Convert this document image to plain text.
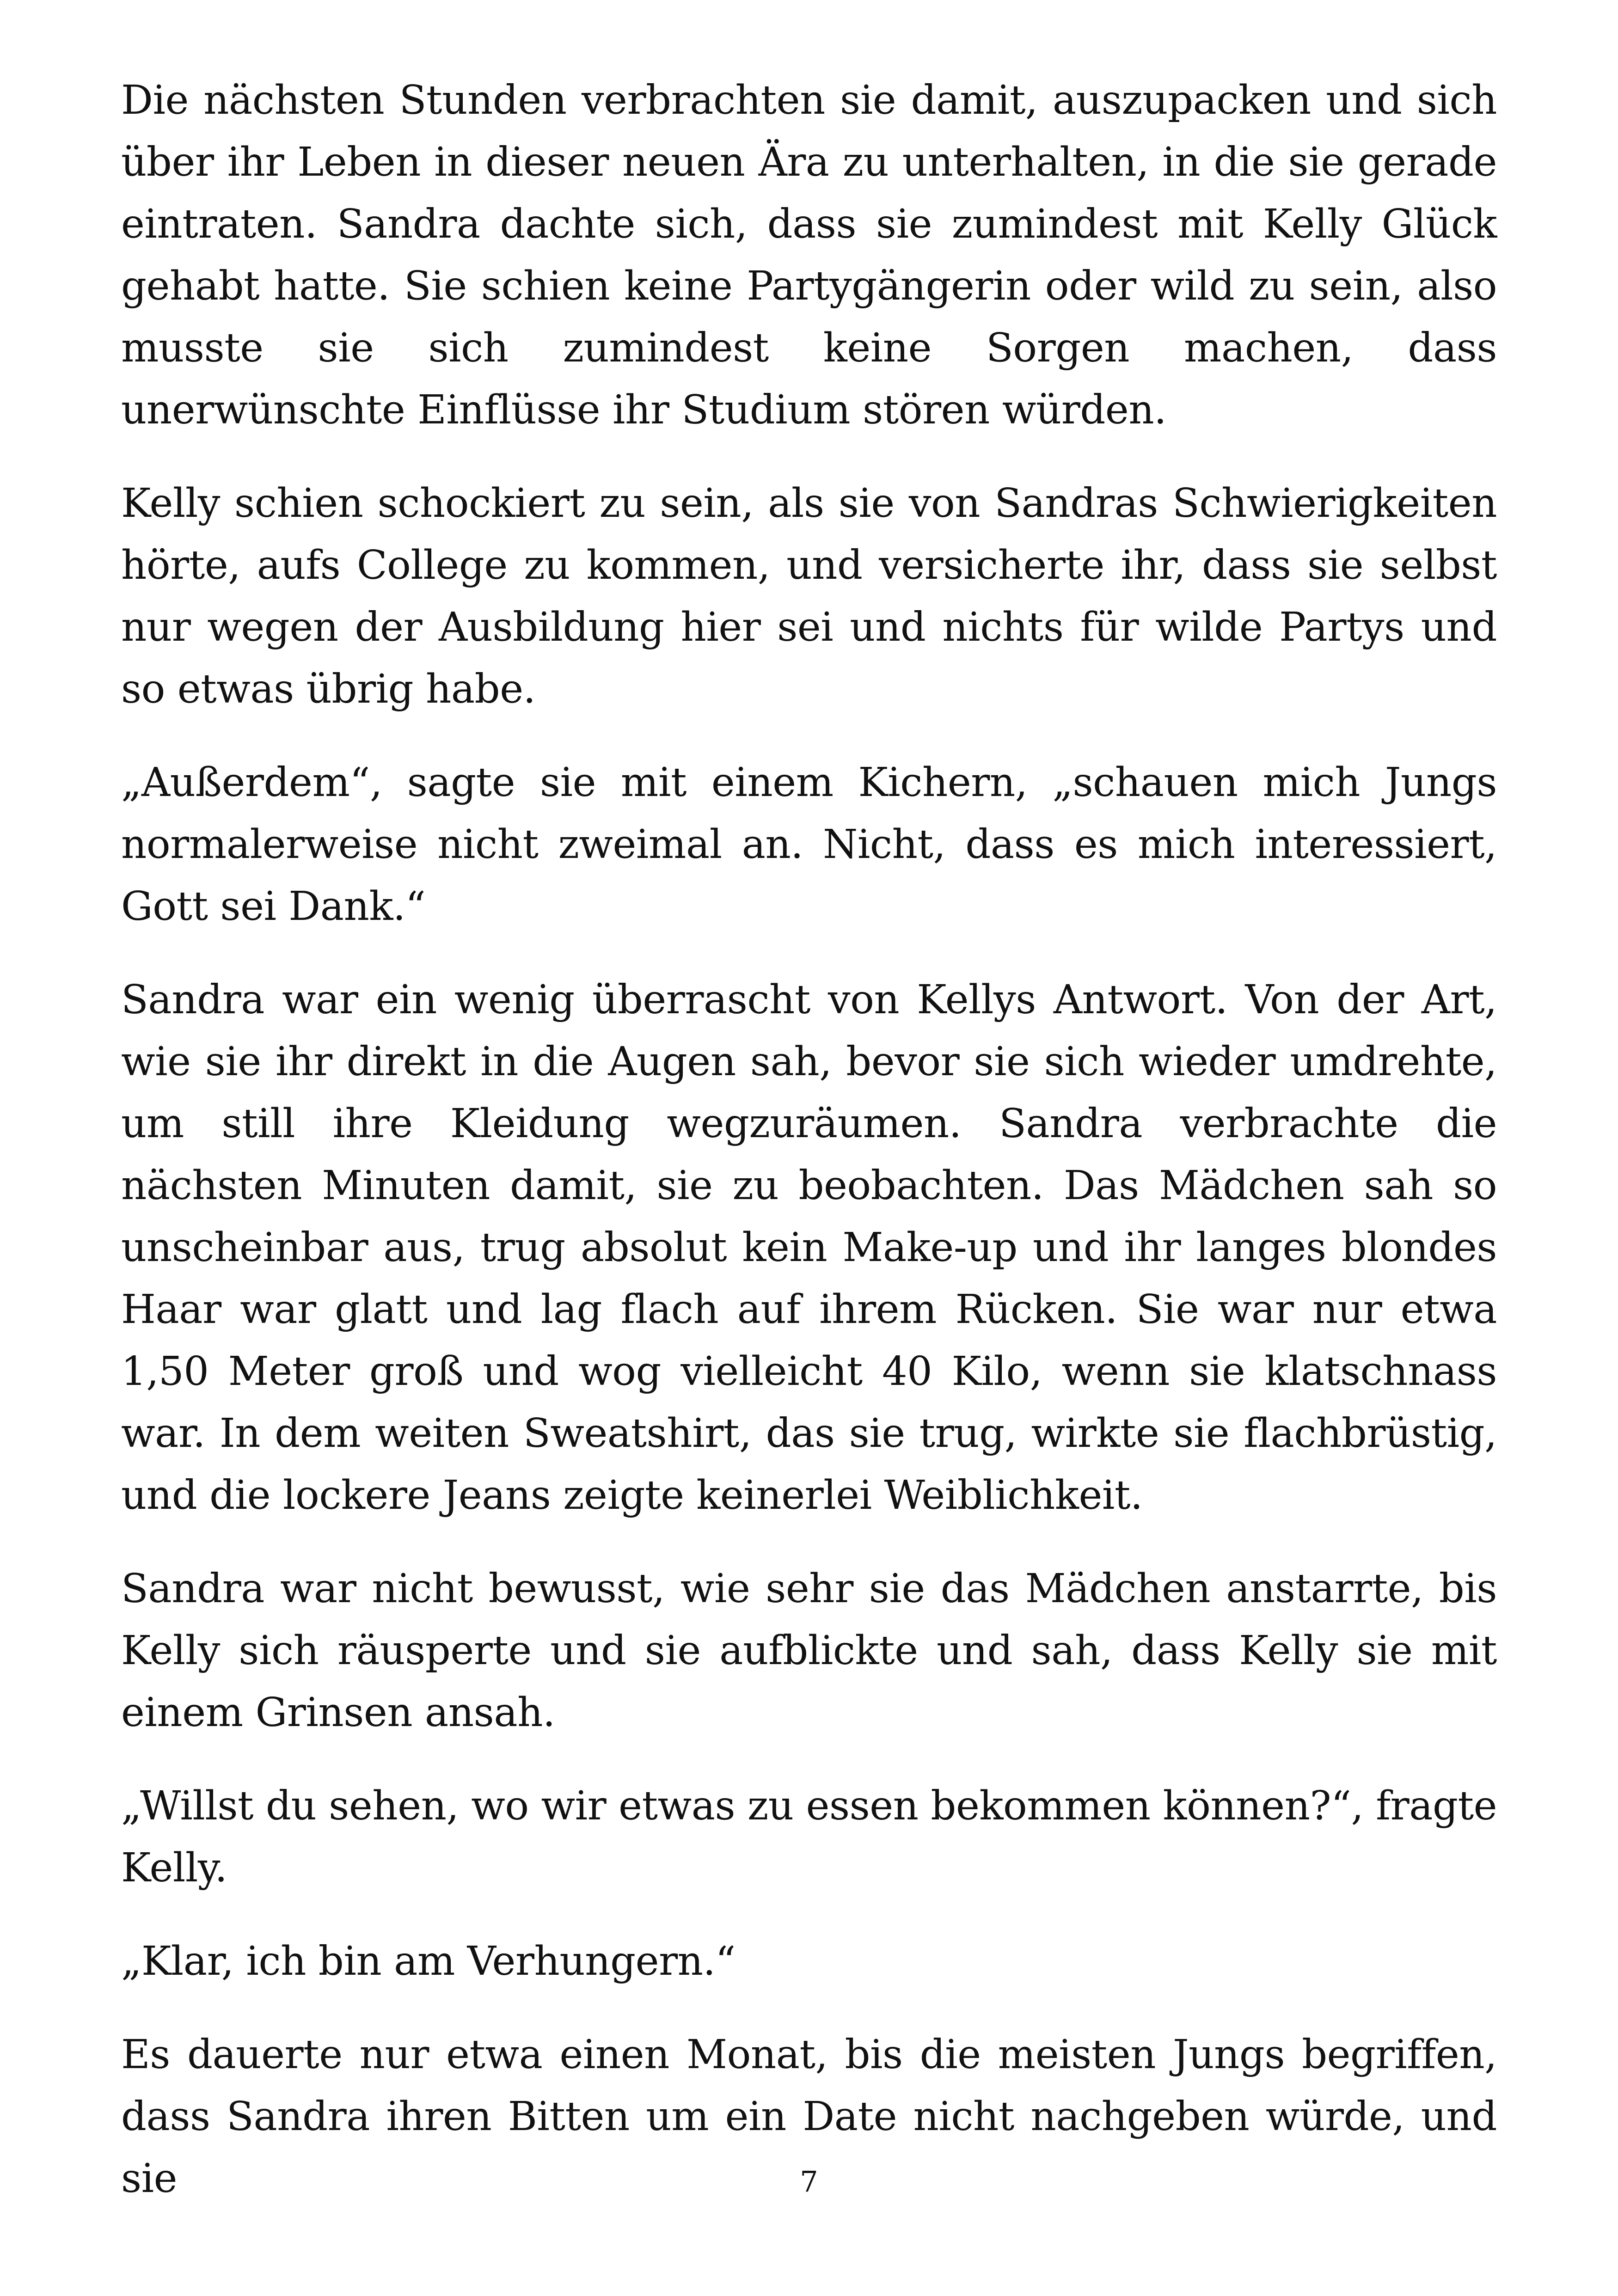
Die nächsten Stunden verbrachten sie damit, auszupacken und sich über ihr Leben in dieser neuen Ära zu unterhalten, in die sie gerade eintraten. Sandra dachte sich, dass sie zumindest mit Kelly Glück gehabt hatte. Sie schien keine Partygängerin oder wild zu sein, also musste sie sich zumindest keine Sorgen machen, dass unerwünschte Einflüsse ihr Studium stören würden.

Kelly schien schockiert zu sein, als sie von Sandras Schwierigkeiten hörte, aufs College zu kommen, und versicherte ihr, dass sie selbst nur wegen der Ausbildung hier sei und nichts für wilde Partys und so etwas übrig habe.

„Außerdem“, sagte sie mit einem Kichern, „schauen mich Jungs normalerweise nicht zweimal an. Nicht, dass es mich interessiert, Gott sei Dank.“

Sandra war ein wenig überrascht von Kellys Antwort. Von der Art, wie sie ihr direkt in die Augen sah, bevor sie sich wieder umdrehte, um still ihre Kleidung wegzuräumen. Sandra verbrachte die nächsten Minuten damit, sie zu beobachten. Das Mädchen sah so unscheinbar aus, trug absolut kein Make-up und ihr langes blondes Haar war glatt und lag flach auf ihrem Rücken. Sie war nur etwa 1,50 Meter groß und wog vielleicht 40 Kilo, wenn sie klatschnass war. In dem weiten Sweatshirt, das sie trug, wirkte sie flachbrüstig, und die lockere Jeans zeigte keinerlei Weiblichkeit.

Sandra war nicht bewusst, wie sehr sie das Mädchen anstarrte, bis Kelly sich räusperte und sie aufblickte und sah, dass Kelly sie mit einem Grinsen ansah.

„Willst du sehen, wo wir etwas zu essen bekommen können?“, fragte Kelly.

„Klar, ich bin am Verhungern.“

Es dauerte nur etwa einen Monat, bis die meisten Jungs begriffen, dass Sandra ihren Bitten um ein Date nicht nachgeben würde, und sie	7
